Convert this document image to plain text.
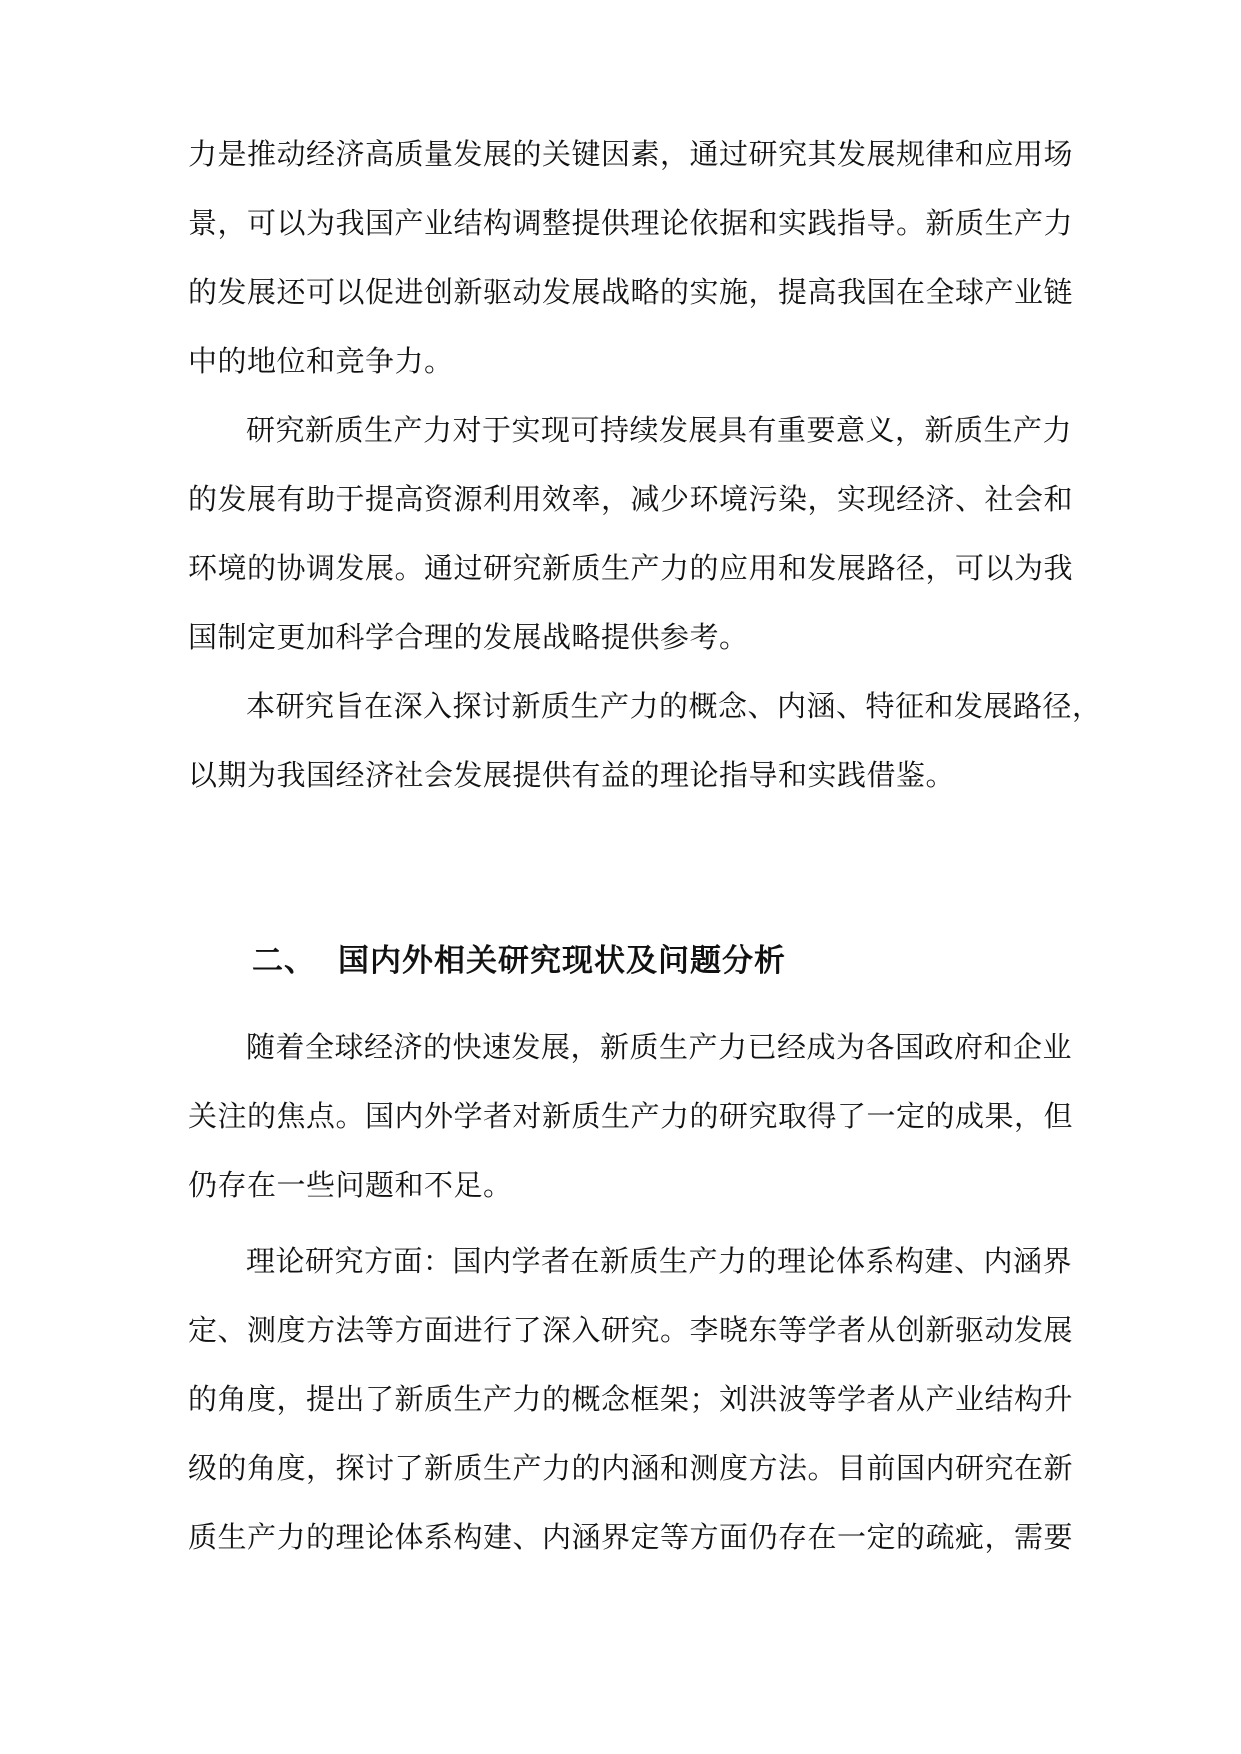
力是推动经济高质量发展的关键因素，通过研究其发展规律和应用场
景，可以为我国产业结构调整提供理论依据和实践指导。新质生产力
的发展还可以促进创新驱动发展战略的实施，提高我国在全球产业链
中的地位和竞争力。
研究新质生产力对于实现可持续发展具有重要意义，新质生产力
的发展有助于提高资源利用效率，减少环境污染，实现经济、社会和
环境的协调发展。通过研究新质生产力的应用和发展路径，可以为我
国制定更加科学合理的发展战略提供参考。
本研究旨在深入探讨新质生产力的概念、内涵、特征和发展路径，
以期为我国经济社会发展提供有益的理论指导和实践借鉴。
二、 国内外相关研究现状及问题分析
随着全球经济的快速发展，新质生产力已经成为各国政府和企业
关注的焦点。国内外学者对新质生产力的研究取得了一定的成果，但
仍存在一些问题和不足。
理论研究方面：国内学者在新质生产力的理论体系构建、内涵界
定、测度方法等方面进行了深入研究。李晓东等学者从创新驱动发展
的角度，提出了新质生产力的概念框架；刘洪波等学者从产业结构升
级的角度，探讨了新质生产力的内涵和测度方法。目前国内研究在新
质生产力的理论体系构建、内涵界定等方面仍存在一定的疏疵，需要
